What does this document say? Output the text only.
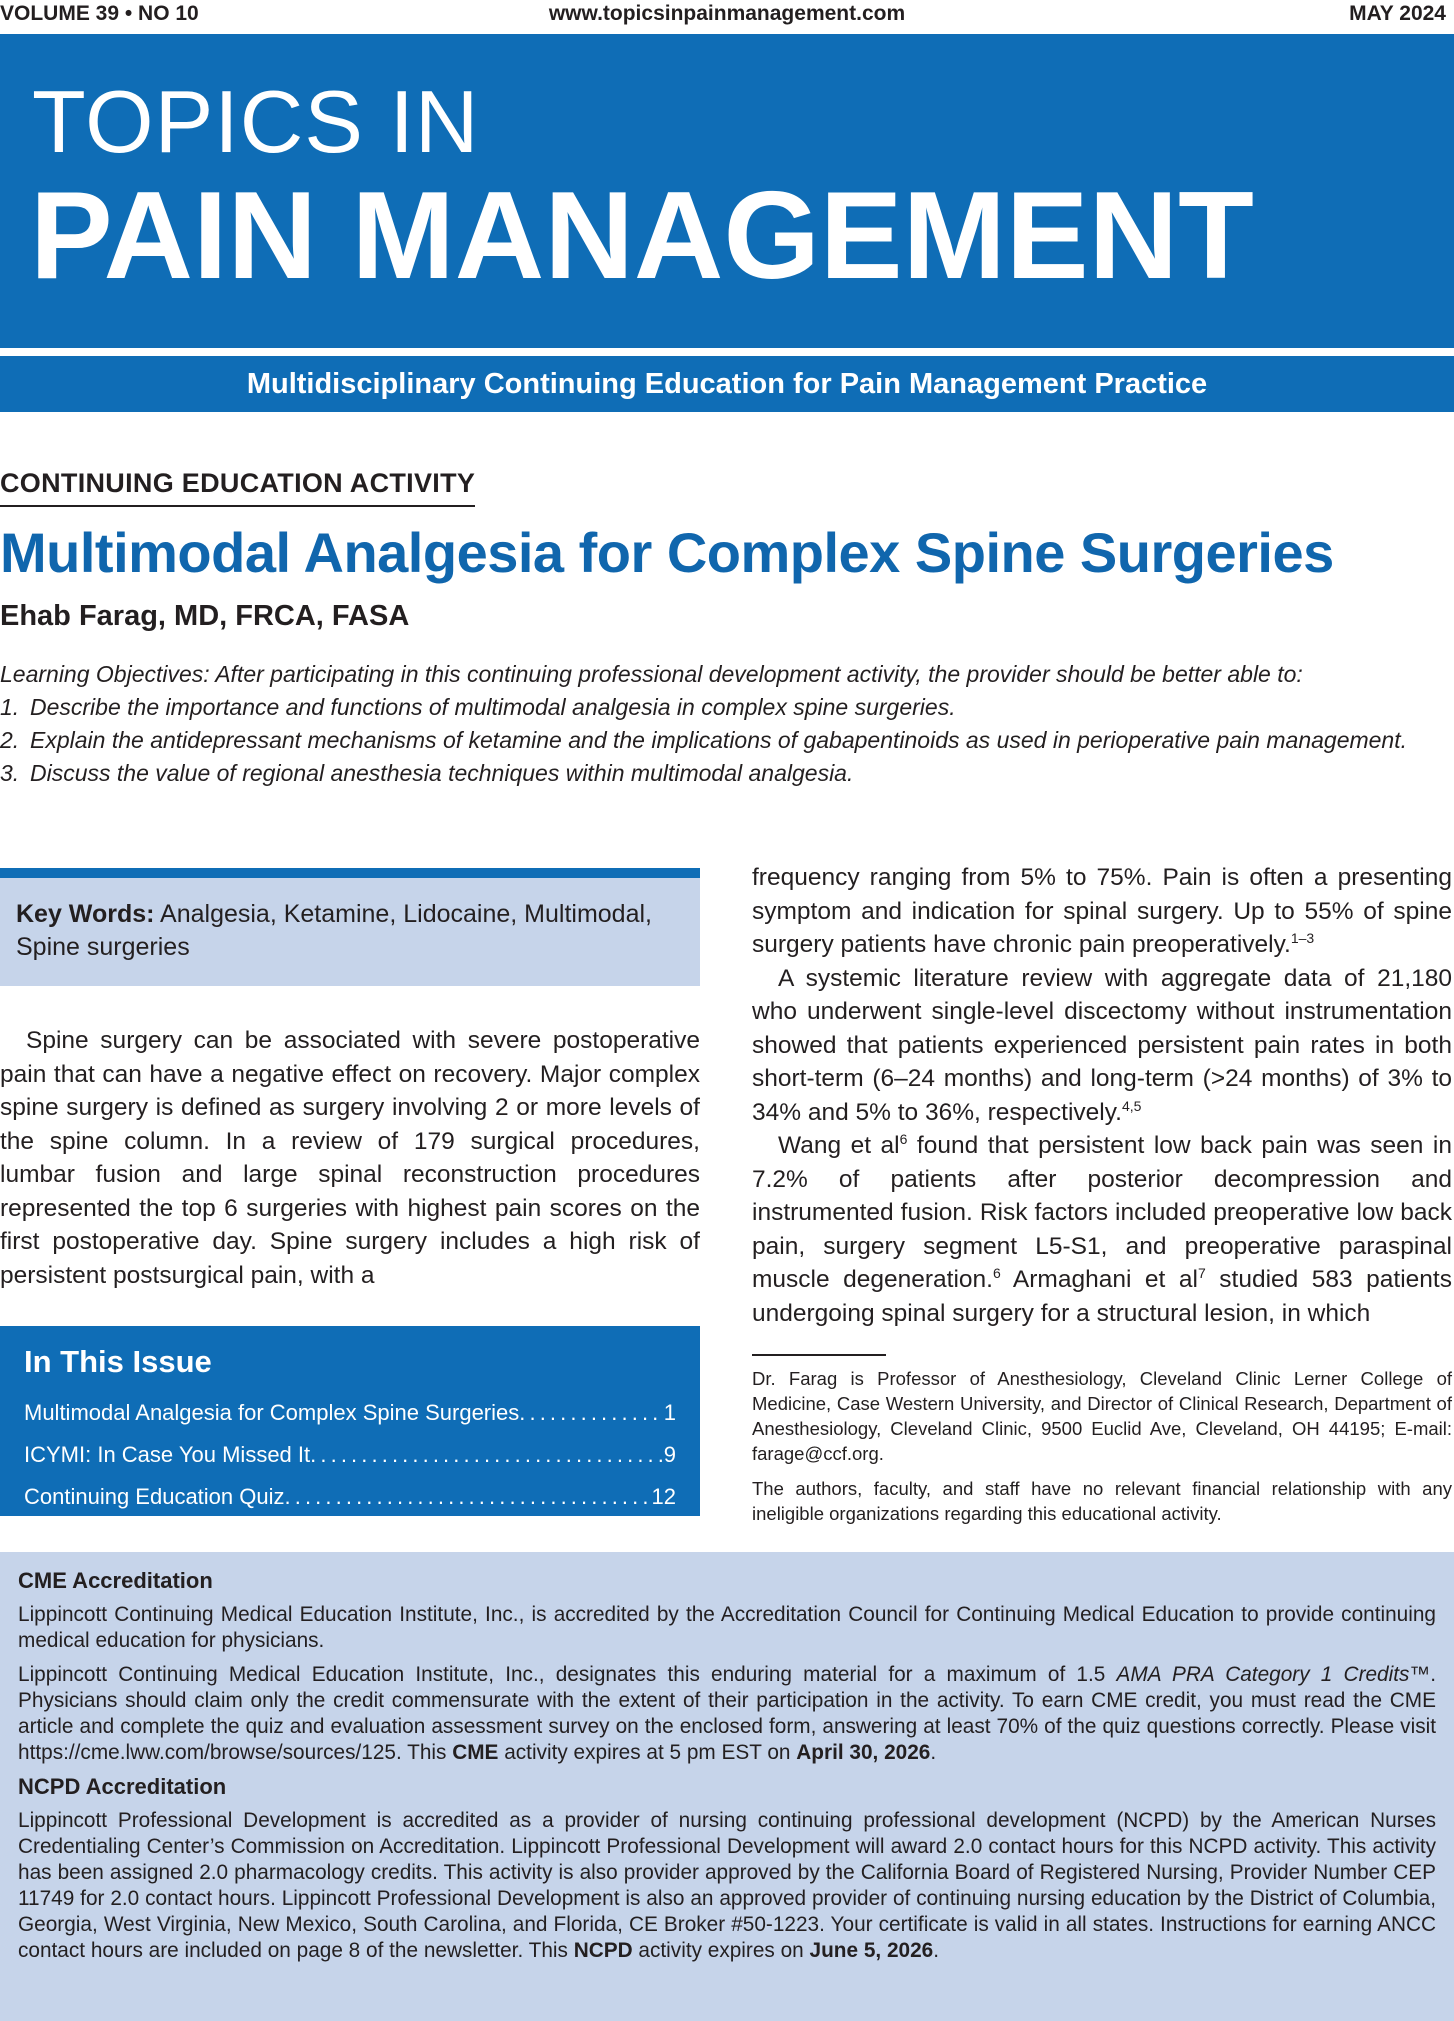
VOLUME 39 • NO 10	www.topicsinpainmanagement.com	MAY 2024
TOPICS IN
PAIN MANAGEMENT
Multidisciplinary Continuing Education for Pain Management Practice
CONTINUING EDUCATION ACTIVITY
Multimodal Analgesia for Complex Spine Surgeries
Ehab Farag, MD, FRCA, FASA
Learning Objectives: After participating in this continuing professional development activity, the provider should be better able to:
1. Describe the importance and functions of multimodal analgesia in complex spine surgeries.
2. Explain the antidepressant mechanisms of ketamine and the implications of gabapentinoids as used in perioperative pain management.
3. Discuss the value of regional anesthesia techniques within multimodal analgesia.
Key Words: Analgesia, Ketamine, Lidocaine, Multimodal, Spine surgeries

Spine surgery can be associated with severe postoperative pain that can have a negative effect on recovery. Major complex spine surgery is defined as surgery involving 2 or more levels of the spine column. In a review of 179 surgical procedures, lumbar fusion and large spinal reconstruction procedures represented the top 6 surgeries with highest pain scores on the first postoperative day. Spine surgery includes a high risk of persistent postsurgical pain, with a

In This Issue
Multimodal Analgesia for Complex Spine Surgeries . . .	1
ICYMI: In Case You Missed It . . .	9
Continuing Education Quiz . . .	12

frequency ranging from 5% to 75%. Pain is often a presenting symptom and indication for spinal surgery. Up to 55% of spine surgery patients have chronic pain preoperatively.$^{1-3}$

A systemic literature review with aggregate data of 21,180 who underwent single-level discectomy without instrumentation showed that patients experienced persistent pain rates in both short-term (6–24 months) and long-term (>24 months) of 3% to 34% and 5% to 36%, respectively.$^{4,5}$

Wang et $al^6$ found that persistent low back pain was seen in 7.2% of patients after posterior decompression and instrumented fusion. Risk factors included preoperative low back pain, surgery segment L5-S1, and preoperative paraspinal muscle degeneration.$^6$ Armaghani et $al^7$ studied 583 patients undergoing spinal surgery for a structural lesion, in which

Dr. Farag is Professor of Anesthesiology, Cleveland Clinic Lerner College of Medicine, Case Western University, and Director of Clinical Research, Department of Anesthesiology, Cleveland Clinic, 9500 Euclid Ave, Cleveland, OH 44195; E-mail: farage@ccf.org.

The authors, faculty, and staff have no relevant financial relationship with any ineligible organizations regarding this educational activity.

CME Accreditation

Lippincott Continuing Medical Education Institute, Inc., is accredited by the Accreditation Council for Continuing Medical Education to provide continuing medical education for physicians.

Lippincott Continuing Medical Education Institute, Inc., designates this enduring material for a maximum of 1.5 AMA PRA Category 1 Credits™. Physicians should claim only the credit commensurate with the extent of their participation in the activity. To earn CME credit, you must read the CME article and complete the quiz and evaluation assessment survey on the enclosed form, answering at least 70% of the quiz questions correctly. Please visit https://cme.lww.com/browse/sources/125. This CME activity expires at 5 pm EST on April 30, 2026.

NCPD Accreditation

Lippincott Professional Development is accredited as a provider of nursing continuing professional development (NCPD) by the American Nurses Credentialing Center’s Commission on Accreditation. Lippincott Professional Development will award 2.0 contact hours for this NCPD activity. This activity has been assigned 2.0 pharmacology credits. This activity is also provider approved by the California Board of Registered Nursing, Provider Number CEP 11749 for 2.0 contact hours. Lippincott Professional Development is also an approved provider of continuing nursing education by the District of Columbia, Georgia, West Virginia, New Mexico, South Carolina, and Florida, CE Broker #50-1223. Your certificate is valid in all states. Instructions for earning ANCC contact hours are included on page 8 of the newsletter. This NCPD activity expires on June 5, 2026.
